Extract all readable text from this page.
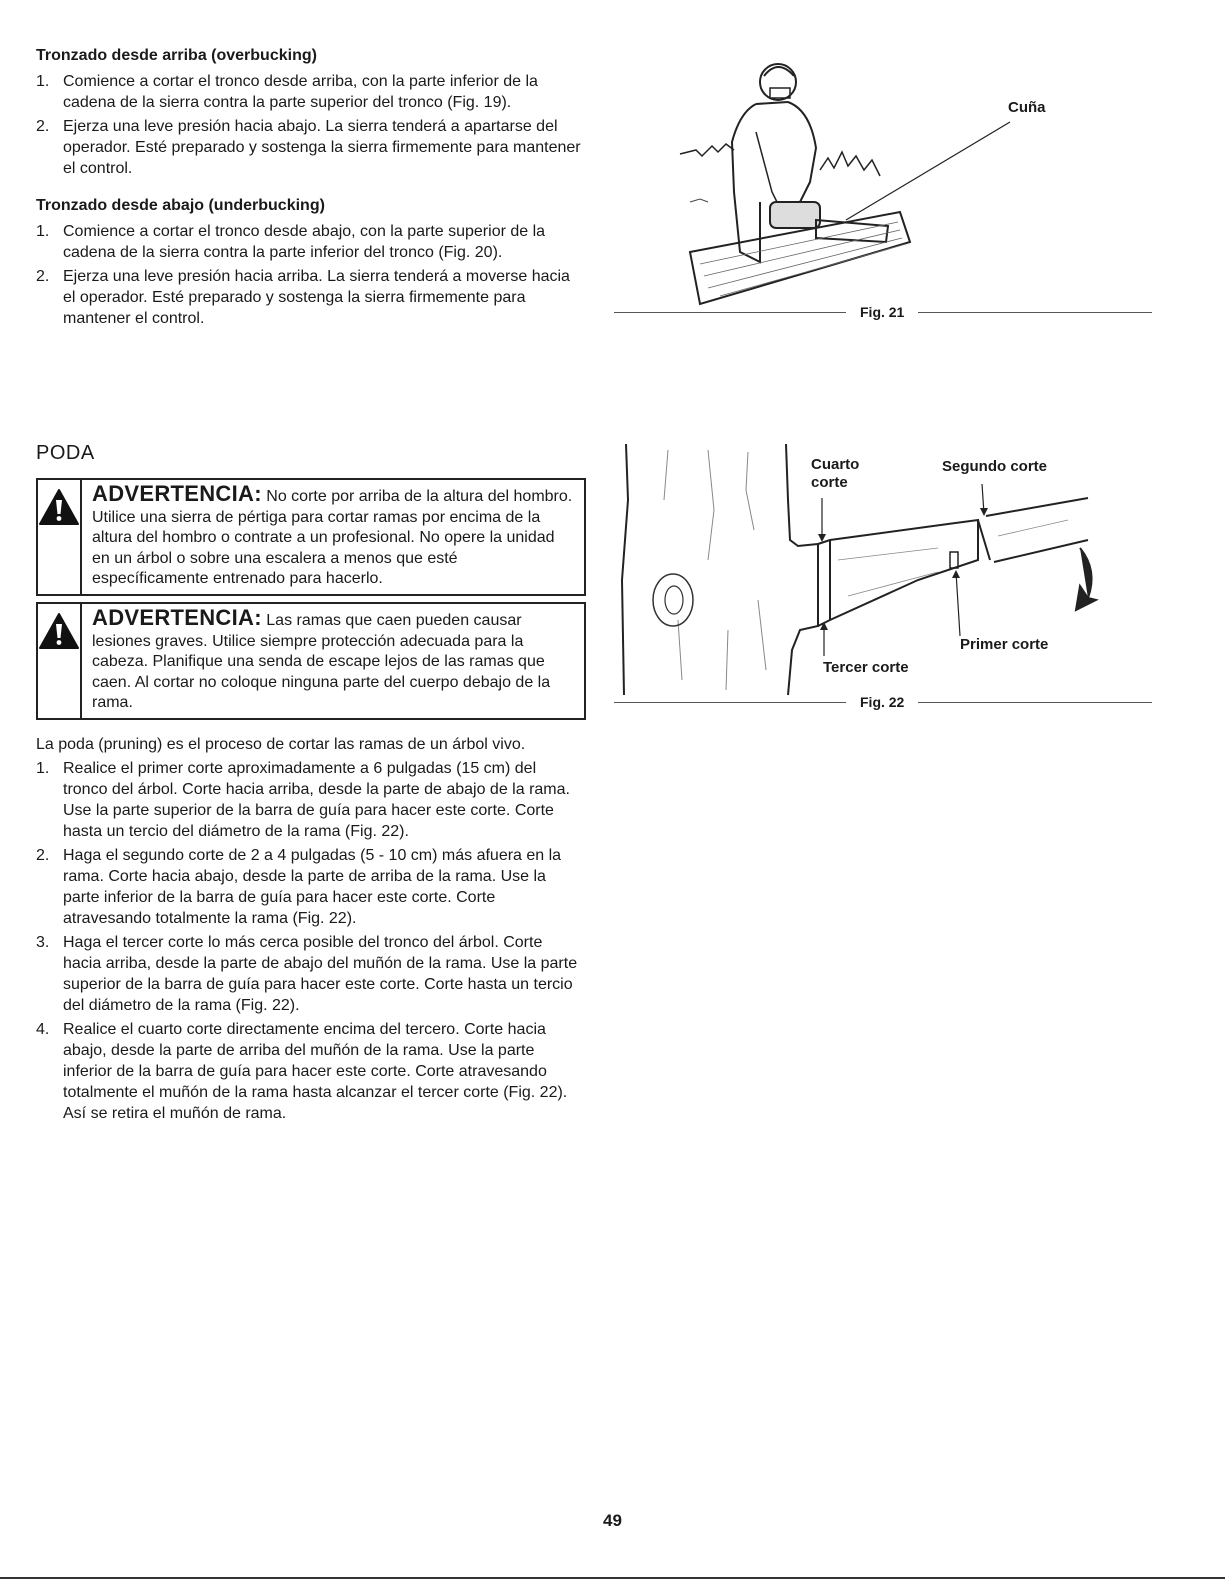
Tronzado desde arriba (overbucking)
1. Comience a cortar el tronco desde arriba, con la parte inferior de la cadena de la sierra contra la parte superior del tronco (Fig. 19).
2. Ejerza una leve presión hacia abajo. La sierra tenderá a apartarse del operador. Esté preparado y sostenga la sierra firmemente para mantener el control.
Tronzado desde abajo (underbucking)
1. Comience a cortar el tronco desde abajo, con la parte superior de la cadena de la sierra contra la parte inferior del tronco (Fig. 20).
2. Ejerza una leve presión hacia arriba. La sierra tenderá a moverse hacia el operador. Esté preparado y sostenga la sierra firmemente para mantener el control.
Cuña
Fig. 21
PODA
ADVERTENCIA: No corte por arriba de la altura del hombro. Utilice una sierra de pértiga para cortar ramas por encima de la altura del hombro o contrate a un profesional. No opere la unidad en un árbol o sobre una escalera a menos que esté específicamente entrenado para hacerlo.
ADVERTENCIA: Las ramas que caen pueden causar lesiones graves. Utilice siempre protección adecuada para la cabeza. Planifique una senda de escape lejos de las ramas que caen. Al cortar no coloque ninguna parte del cuerpo debajo de la rama.

La poda (pruning) es el proceso de cortar las ramas de un árbol vivo.

1. Realice el primer corte aproximadamente a 6 pulgadas (15 cm) del tronco del árbol. Corte hacia arriba, desde la parte de abajo de la rama. Use la parte superior de la barra de guía para hacer este corte. Corte hasta un tercio del diámetro de la rama (Fig. 22).
2. Haga el segundo corte de 2 a 4 pulgadas (5 - 10 cm) más afuera en la rama. Corte hacia abajo, desde la parte de arriba de la rama. Use la parte inferior de la barra de guía para hacer este corte. Corte atravesando totalmente la rama (Fig. 22).
3. Haga el tercer corte lo más cerca posible del tronco del árbol. Corte hacia arriba, desde la parte de abajo del muñón de la rama. Use la parte superior de la barra de guía para hacer este corte. Corte hasta un tercio del diámetro de la rama (Fig. 22).
4. Realice el cuarto corte directamente encima del tercero. Corte hacia abajo, desde la parte de arriba del muñón de la rama. Use la parte inferior de la barra de guía para hacer este corte. Corte atravesando totalmente el muñón de la rama hasta alcanzar el tercer corte (Fig. 22). Así se retira el muñón de rama.
Cuarto
corte
Segundo corte
Primer corte
Tercer corte
Fig. 22
49
